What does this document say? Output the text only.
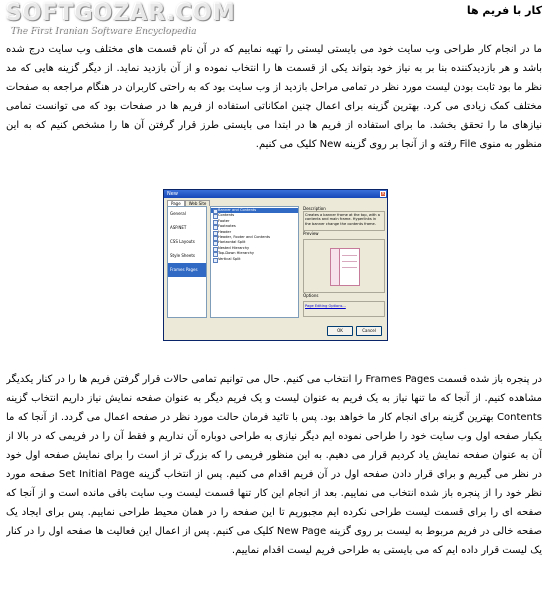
SOFTGOZAR.COM
The First Iranian Software Encyclopedia
کار با فریم ها

ما در انجام کار طراحی وب سایت خود می بایستی لیستی را تهیه نماییم که در آن نام قسمت های مختلف وب سایت درج شده باشد و هر بازدیدکننده بنا بر به نیاز خود بتواند یکی از قسمت ها را انتخاب نموده و از آن بازدید نماید. از دیگر گزینه هایی که مد نظر ما بود ثابت بودن لیست مورد نظر در تمامی مراحل بازدید از وب سایت بود که به راحتی کاربران در هنگام مراجعه به صفحات مختلف کمک زیادی می کرد. بهترین گزینه برای اعمال چنین امکاناتی استفاده از فریم ها در صفحات بود که می توانست تمامی نیازهای ما را تحقق بخشد. ما برای استفاده از فریم ها در ابتدا می بایستی طرز قرار گرفتن آن ها را مشخص کنیم که به این منظور به منوی File رفته و از آنجا بر روی گزینه New کلیک می کنیم.

New	×
Page Web Site
General
ASP.NET
CSS Layouts
Style Sheets
Frames Pages
Banner and Contents
Contents
Footer
Footnotes
Header
Header, Footer and Contents
Horizontal Split
Nested Hierarchy
Top-Down Hierarchy
Vertical Split
Description
Creates a banner frame at the top, with a contents and main frame. Hyperlinks in the banner change the contents frame.
Preview
Options
Page Editing Options...
OK	Cancel

در پنجره باز شده قسمت Frames Pages را انتخاب می کنیم. حال می توانیم تمامی حالات قرار گرفتن فریم ها را در کنار یکدیگر مشاهده کنیم. از آنجا که ما تنها نیاز به یک فریم به عنوان لیست و یک فریم دیگر به عنوان صفحه نمایش نیاز داریم انتخاب گزینه Contents بهترین گزینه برای انجام کار ما خواهد بود. پس با تائید فرمان حالت مورد نظر در صفحه اعمال می گردد. از آنجا که ما یکبار صفحه اول وب سایت خود را طراحی نموده ایم دیگر نیازی به طراحی دوباره آن نداریم و فقط آن را در فریمی که در بالا از آن به عنوان صفحه نمایش یاد کردیم قرار می دهیم. به این منظور فریمی را که بزرگ تر از است را برای نمایش صفحه اول خود در نظر می گیریم و برای قرار دادن صفحه اول در آن فریم اقدام می کنیم. پس از انتخاب گزینه Set Initial Page صفحه مورد نظر خود را از پنجره باز شده انتخاب می نماییم. بعد از انجام این کار تنها قسمت لیست وب سایت باقی مانده است و از آنجا که صفحه ای را برای قسمت لیست طراحی نکرده ایم مجبوریم تا این صفحه را در همان محیط طراحی نماییم. پس برای ایجاد یک صفحه خالی در فریم مربوط به لیست بر روی گزینه New Page کلیک می کنیم. پس از اعمال این فعالیت ها صفحه اول را در کنار یک لیست قرار داده ایم که می بایستی به طراحی فریم لیست اقدام نماییم.
